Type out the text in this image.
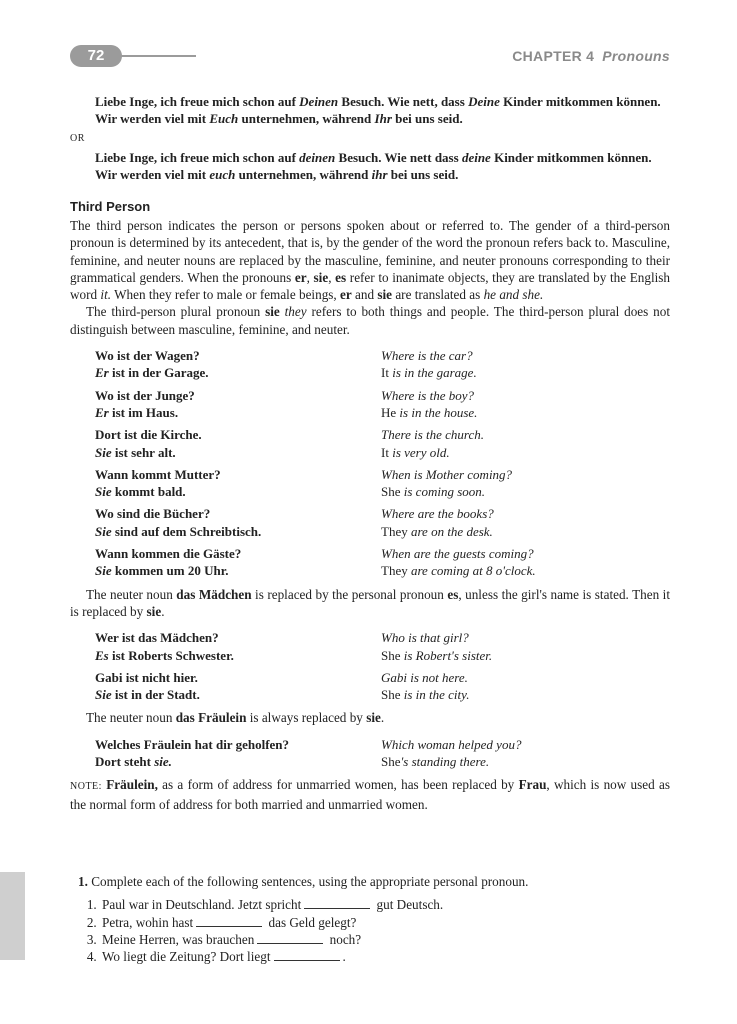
72	CHAPTER 4 Pronouns
Liebe Inge, ich freue mich schon auf Deinen Besuch. Wie nett, dass Deine Kinder mitkommen können. Wir werden viel mit Euch unternehmen, während Ihr bei uns seid.
OR
Liebe Inge, ich freue mich schon auf deinen Besuch. Wie nett dass deine Kinder mitkommen können. Wir werden viel mit euch unternehmen, während ihr bei uns seid.
Third Person
The third person indicates the person or persons spoken about or referred to. The gender of a third-person pronoun is determined by its antecedent, that is, by the gender of the word the pronoun refers back to. Masculine, feminine, and neuter nouns are replaced by the masculine, feminine, and neuter pronouns corresponding to their grammatical genders. When the pronouns er, sie, es refer to inanimate objects, they are translated by the English word it. When they refer to male or female beings, er and sie are translated as he and she.
The third-person plural pronoun sie they refers to both things and people. The third-person plural does not distinguish between masculine, feminine, and neuter.
Wo ist der Wagen?	Where is the car?
Er ist in der Garage.	It is in the garage.
Wo ist der Junge?	Where is the boy?
Er ist im Haus.	He is in the house.
Dort ist die Kirche.	There is the church.
Sie ist sehr alt.	It is very old.
Wann kommt Mutter?	When is Mother coming?
Sie kommt bald.	She is coming soon.
Wo sind die Bücher?	Where are the books?
Sie sind auf dem Schreibtisch.	They are on the desk.
Wann kommen die Gäste?	When are the guests coming?
Sie kommen um 20 Uhr.	They are coming at 8 o'clock.
The neuter noun das Mädchen is replaced by the personal pronoun es, unless the girl's name is stated. Then it is replaced by sie.
Wer ist das Mädchen?	Who is that girl?
Es ist Roberts Schwester.	She is Robert's sister.
Gabi ist nicht hier.	Gabi is not here.
Sie ist in der Stadt.	She is in the city.
The neuter noun das Fräulein is always replaced by sie.
Welches Fräulein hat dir geholfen?	Which woman helped you?
Dort steht sie.	She's standing there.
NOTE: Fräulein, as a form of address for unmarried women, has been replaced by Frau, which is now used as the normal form of address for both married and unmarried women.
1. Complete each of the following sentences, using the appropriate personal pronoun.
1. Paul war in Deutschland. Jetzt spricht	gut Deutsch.
2. Petra, wohin hast	das Geld gelegt?
3. Meine Herren, was brauchen	noch?
4. Wo liegt die Zeitung? Dort liegt	.
